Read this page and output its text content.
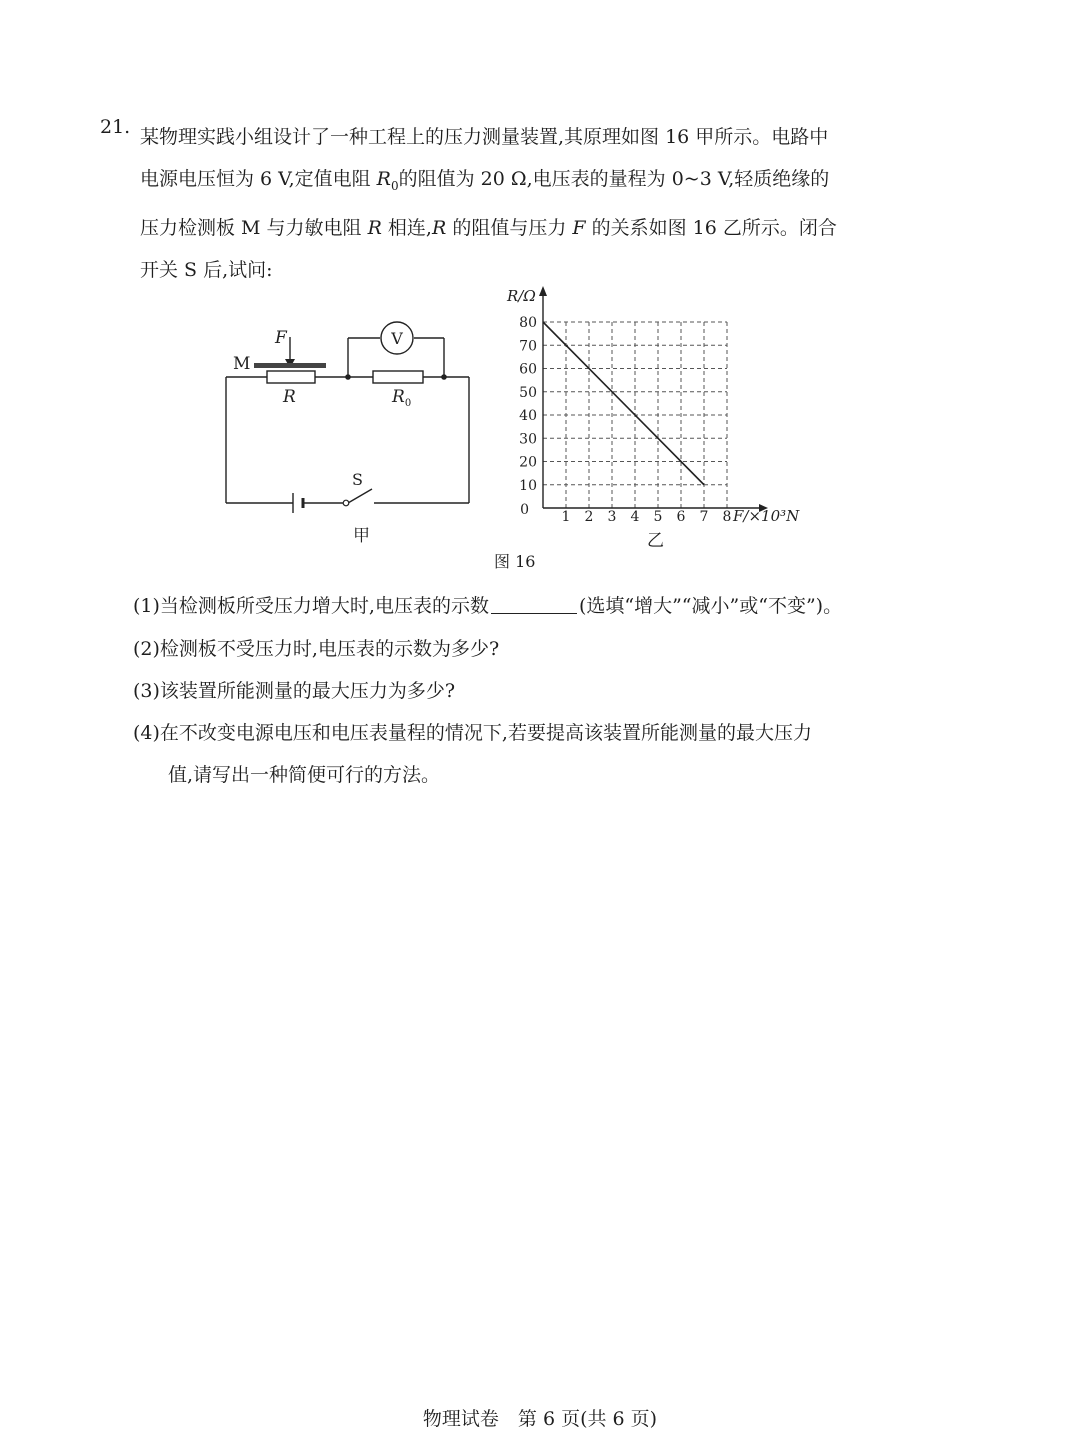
21. 某物理实践小组设计了一种工程上的压力测量装置,其原理如图 16 甲所示。电路中

电源电压恒为 6 V,定值电阻 $R_0$的阻值为 20 Ω,电压表的量程为 0~3 V,轻质绝缘的

压力检测板 M 与力敏电阻 R 相连,R 的阻值与压力 F 的关系如图 16 乙所示。闭合

开关 S 后,试问:

V
F
M
R	$R_0$
S
甲
1 2 3 4 5 6 7 8
10
20
30
40
50
60
70
80
0
R/Ω
F/×10³N
乙
图 16
(1)当检测板所受压力增大时,电压表的示数	(选填“增大”“减小”或“不变”)。
(2)检测板不受压力时,电压表的示数为多少?
(3)该装置所能测量的最大压力为多少?
(4)在不改变电源电压和电压表量程的情况下,若要提高该装置所能测量的最大压力
值,请写出一种简便可行的方法。
物理试卷　第 6 页(共 6 页)
